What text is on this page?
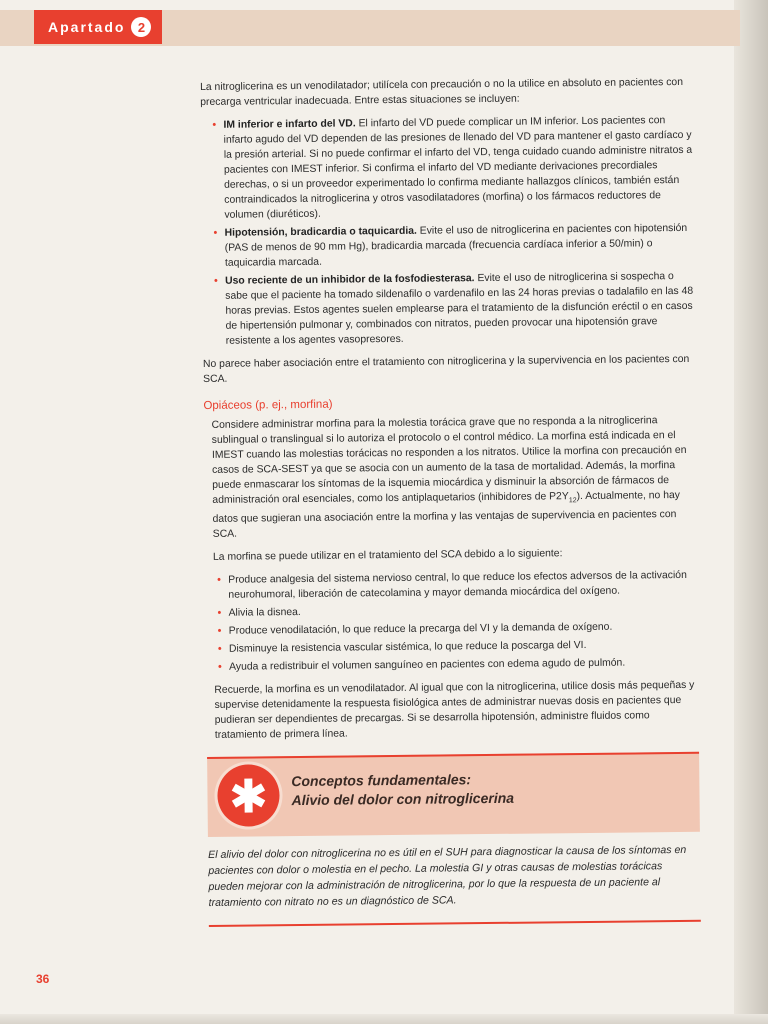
Apartado 2

La nitroglicerina es un venodilatador; utilícela con precaución o no la utilice en absoluto en pacientes con precarga ventricular inadecuada. Entre estas situaciones se incluyen:

• IM inferior e infarto del VD. El infarto del VD puede complicar un IM inferior. Los pacientes con infarto agudo del VD dependen de las presiones de llenado del VD para mantener el gasto cardíaco y la presión arterial. Si no puede confirmar el infarto del VD, tenga cuidado cuando administre nitratos a pacientes con IMEST inferior. Si confirma el infarto del VD mediante derivaciones precordiales derechas, o si un proveedor experimentado lo confirma mediante hallazgos clínicos, también están contraindicados la nitroglicerina y otros vasodilatadores (morfina) o los fármacos reductores de volumen (diuréticos).
• Hipotensión, bradicardia o taquicardia. Evite el uso de nitroglicerina en pacientes con hipotensión (PAS de menos de 90 mm Hg), bradicardia marcada (frecuencia cardíaca inferior a 50/min) o taquicardia marcada.
• Uso reciente de un inhibidor de la fosfodiesterasa. Evite el uso de nitroglicerina si sospecha o sabe que el paciente ha tomado sildenafilo o vardenafilo en las 24 horas previas o tadalafilo en las 48 horas previas. Estos agentes suelen emplearse para el tratamiento de la disfunción eréctil o en casos de hipertensión pulmonar y, combinados con nitratos, pueden provocar una hipotensión grave resistente a los agentes vasopresores.

No parece haber asociación entre el tratamiento con nitroglicerina y la supervivencia en los pacientes con SCA.

Opiáceos (p. ej., morfina)

Considere administrar morfina para la molestia torácica grave que no responda a la nitroglicerina sublingual o translingual si lo autoriza el protocolo o el control médico. La morfina está indicada en el IMEST cuando las molestias torácicas no responden a los nitratos. Utilice la morfina con precaución en casos de SCA-SEST ya que se asocia con un aumento de la tasa de mortalidad. Además, la morfina puede enmascarar los síntomas de la isquemia miocárdica y disminuir la absorción de fármacos de administración oral esenciales, como los antiplaquetarios (inhibidores de $P2Y_{12}$). Actualmente, no hay datos que sugieran una asociación entre la morfina y las ventajas de supervivencia en pacientes con SCA.

La morfina se puede utilizar en el tratamiento del SCA debido a lo siguiente:

• Produce analgesia del sistema nervioso central, lo que reduce los efectos adversos de la activación neurohumoral, liberación de catecolamina y mayor demanda miocárdica del oxígeno.
• Alivia la disnea.
• Produce venodilatación, lo que reduce la precarga del VI y la demanda de oxígeno.
• Disminuye la resistencia vascular sistémica, lo que reduce la poscarga del VI.
• Ayuda a redistribuir el volumen sanguíneo en pacientes con edema agudo de pulmón.

Recuerde, la morfina es un venodilatador. Al igual que con la nitroglicerina, utilice dosis más pequeñas y supervise detenidamente la respuesta fisiológica antes de administrar nuevas dosis en pacientes que pudieran ser dependientes de precargas. Si se desarrolla hipotensión, administre fluidos como tratamiento de primera línea.

Conceptos fundamentales:
Alivio del dolor con nitroglicerina

El alivio del dolor con nitroglicerina no es útil en el SUH para diagnosticar la causa de los síntomas en pacientes con dolor o molestia en el pecho. La molestia GI y otras causas de molestias torácicas pueden mejorar con la administración de nitroglicerina, por lo que la respuesta de un paciente al tratamiento con nitrato no es un diagnóstico de SCA.

36
